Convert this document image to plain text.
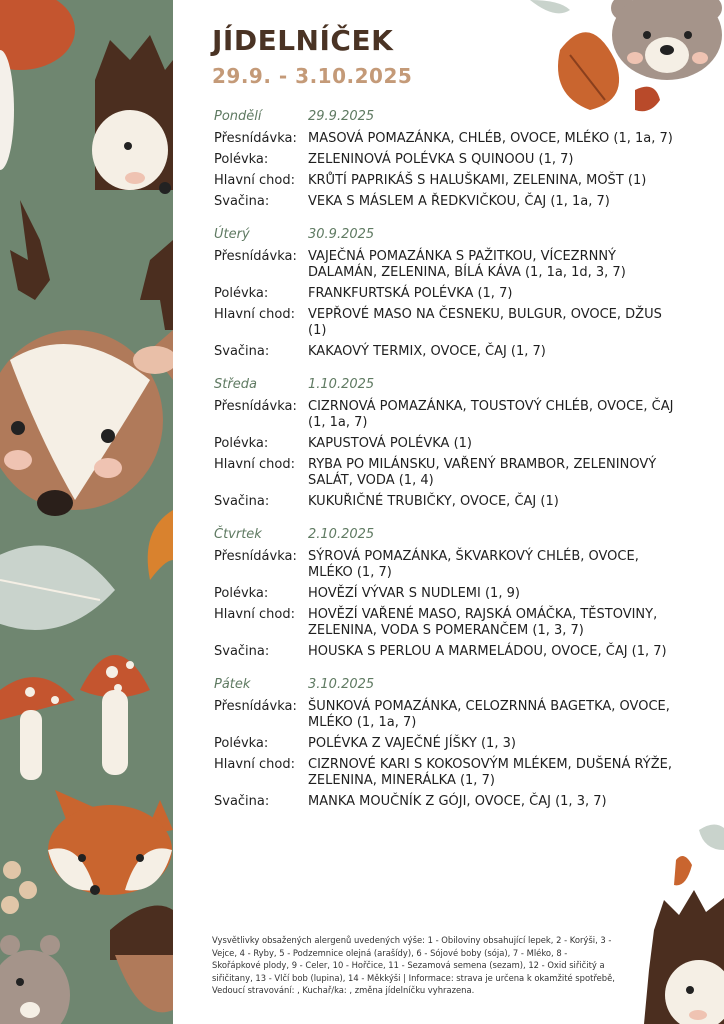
JÍDELNÍČEK
29.9. - 3.10.2025
Pondělí	29.9.2025
Přesnídávka: MASOVÁ POMAZÁNKA, CHLÉB, OVOCE, MLÉKO (1, 1a, 7)
Polévka:	ZELENINOVÁ POLÉVKA S QUINOOU (1, 7)
Hlavní chod: KRŮTÍ PAPRIKÁŠ S HALUŠKAMI, ZELENINA, MOŠT (1)
Svačina:	VEKA S MÁSLEM A ŘEDKVIČKOU, ČAJ (1, 1a, 7)
Úterý	30.9.2025
Přesnídávka: VAJEČNÁ POMAZÁNKA S PAŽITKOU, VÍCEZRNNÝ DALAMÁN, ZELENINA, BÍLÁ KÁVA (1, 1a, 1d, 3, 7)
Polévka:	FRANKFURTSKÁ POLÉVKA (1, 7)
Hlavní chod: VEPŘOVÉ MASO NA ČESNEKU, BULGUR, OVOCE, DŽUS (1)
Svačina:	KAKAOVÝ TERMIX, OVOCE, ČAJ (1, 7)
Středa	1.10.2025
Přesnídávka: CIZRNOVÁ POMAZÁNKA, TOUSTOVÝ CHLÉB, OVOCE, ČAJ (1, 1a, 7)
Polévka:	KAPUSTOVÁ POLÉVKA (1)
Hlavní chod: RYBA PO MILÁNSKU, VAŘENÝ BRAMBOR, ZELENINOVÝ SALÁT, VODA (1, 4)
Svačina:	KUKUŘIČNÉ TRUBIČKY, OVOCE, ČAJ (1)
Čtvrtek	2.10.2025
Přesnídávka: SÝROVÁ POMAZÁNKA, ŠKVARKOVÝ CHLÉB, OVOCE, MLÉKO (1, 7)
Polévka:	HOVĚZÍ VÝVAR S NUDLEMI (1, 9)
Hlavní chod: HOVĚZÍ VAŘENÉ MASO, RAJSKÁ OMÁČKA, TĚSTOVINY, ZELENINA, VODA S POMERANČEM (1, 3, 7)
Svačina:	HOUSKA S PERLOU A MARMELÁDOU, OVOCE, ČAJ (1, 7)
Pátek	3.10.2025
Přesnídávka: ŠUNKOVÁ POMAZÁNKA, CELOZRNNÁ BAGETKA, OVOCE, MLÉKO (1, 1a, 7)
Polévka:	POLÉVKA Z VAJEČNÉ JÍŠKY (1, 3)
Hlavní chod: CIZRNOVÉ KARI S KOKOSOVÝM MLÉKEM, DUŠENÁ RÝŽE, ZELENINA, MINERÁLKA (1, 7)
Svačina:	MANKA MOUČNÍK Z GÓJI, OVOCE, ČAJ (1, 3, 7)
Vysvětlivky obsažených alergenů uvedených výše: 1 - Obiloviny obsahující lepek, 2 - Korýši, 3 - Vejce, 4 - Ryby, 5 - Podzemnice olejná (arašídy), 6 - Sójové boby (sója), 7 - Mléko, 8 - Skořápkové plody, 9 - Celer, 10 - Hořčice, 11 - Sezamová semena (sezam), 12 - Oxid siřičitý a siřičitany, 13 - Vlčí bob (lupina), 14 - Měkkýši | Informace: strava je určena k okamžité spotřebě, Vedoucí stravování: , Kuchař/ka: , změna jídelníčku vyhrazena.
